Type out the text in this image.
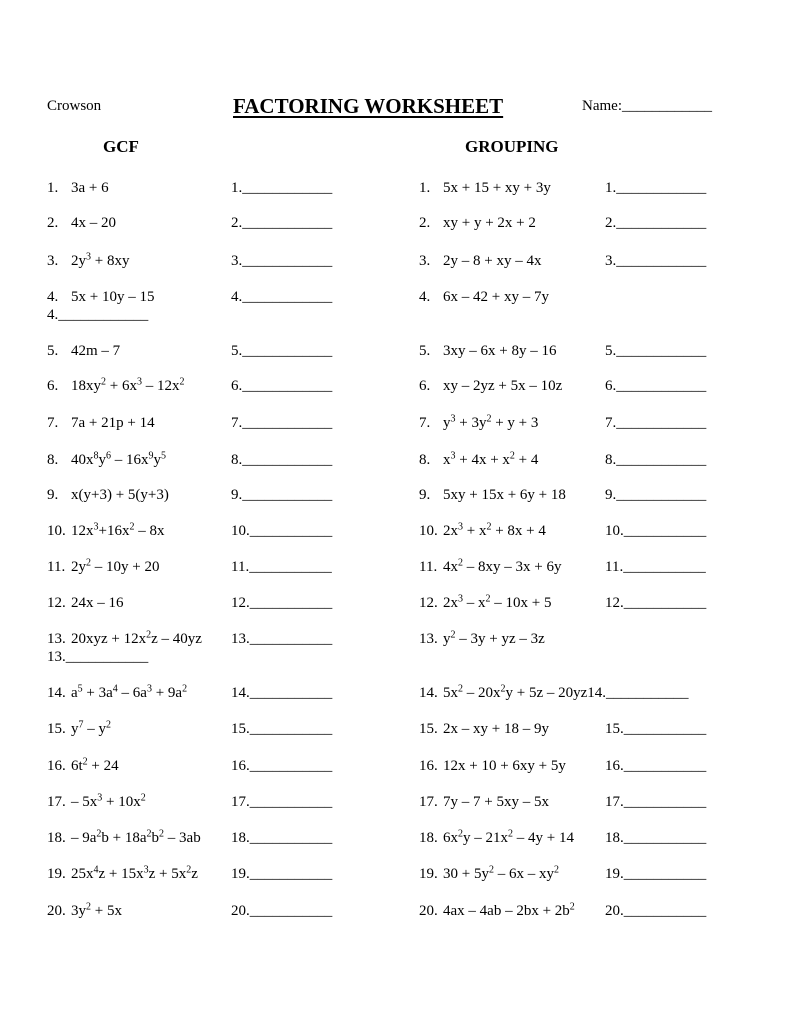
Crowson	FACTORING WORKSHEET	Name:____________
GCF	GROUPING
1. 3a + 6	1.____________
2. 4x – 20	2.____________
3. $2y^3 + 8xy$	3.____________
4. 5x + 10y – 15	4.____________
4.____________
5. 42m – 7	5.____________
6. $18xy^2 + 6x^3 - 12x^2$	6.____________
7. 7a + 21p + 14	7.____________
8. $40x^8y^6 - 16x^9y^5$	8.____________
9. x(y+3) + 5(y+3)	9.____________
10. $12x^3+16x^2 - 8x$	10.___________
11. $2y^2 - 10y + 20$	11.___________
12. 24x – 16	12.___________
13. $20xyz + 12x^2z - 40yz$ 13.___________
13.___________
14. $a^5 + 3a^4 - 6a^3 + 9a^2$	14.___________
15. $y^7 - y^2$	15.___________
16. $6t^2 + 24$	16.___________
17. – $5x^3 + 10x^2$	17.___________
18. – $9a^2b + 18a^2b^2 - 3ab$ 18.___________
19. $25x^4z + 15x^3z + 5x^2z$ 19.___________
20. $3y^2 + 5x$	20.___________
1. 5x + 15 + xy + 3y	1.____________
2. xy + y + 2x + 2	2.____________
3. 2y – 8 + xy – 4x	3.____________
4. 6x – 42 + xy – 7y
5. 3xy – 6x + 8y – 16	5.____________
6. xy – 2yz + 5x – 10z	6.____________
7. $y^3 + 3y^2 + y + 3$	7.____________
8. $x^3 + 4x + x^2 + 4$	8.____________
9. 5xy + 15x + 6y + 18	9.____________
10. $2x^3 + x^2 + 8x + 4$	10.___________
11. $4x^2 - 8xy - 3x + 6y$	11.___________
12. $2x^3 - x^2 - 10x + 5$	12.___________
13. $y^2 - 3y$ + yz – 3z
14. $5x^2 - 20x^2y + 5z$ – 20yz14.___________
15. 2x – xy + 18 – 9y	15.___________
16. 12x + 10 + 6xy + 5y	16.___________
17. 7y – 7 + 5xy – 5x	17.___________
18. $6x^2y - 21x^2 - 4y + 14$ 18.___________
19. $30 + 5y^2 - 6x - xy^2$	19.___________
20. $4ax - 4ab - 2bx + 2b^2$ 20.___________
